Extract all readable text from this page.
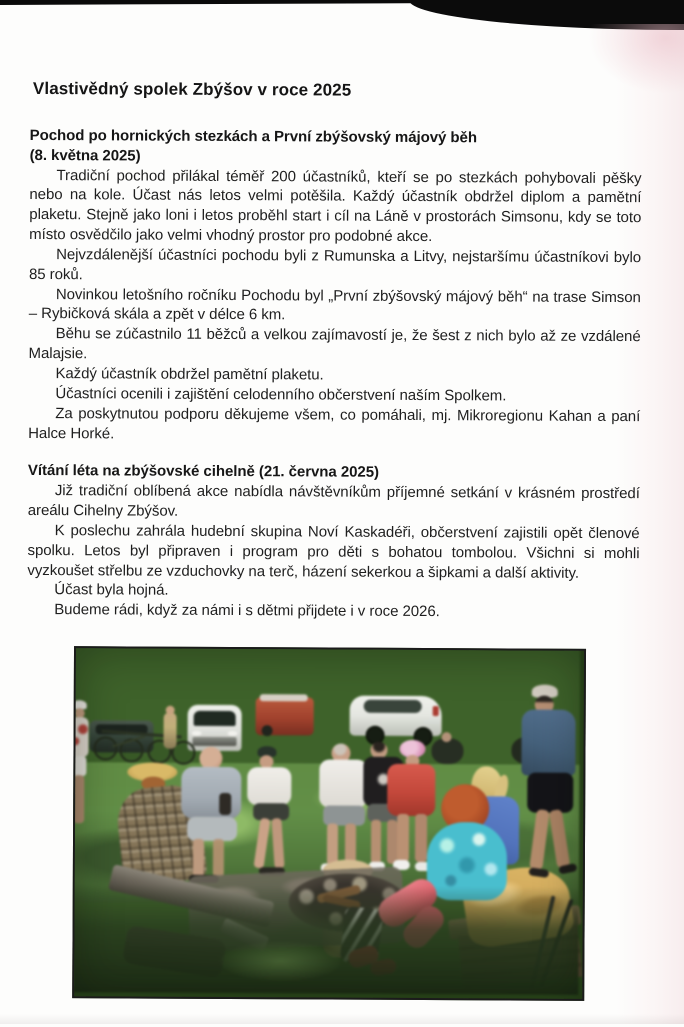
Vlastivědný spolek Zbýšov v roce 2025
Pochod po hornických stezkách a První zbýšovský májový běh
(8. května 2025)

Tradiční pochod přilákal téměř 200 účastníků, kteří se po stezkách pohybovali pěšky nebo na kole. Účast nás letos velmi potěšila. Každý účastník obdržel diplom a pamětní plaketu. Stejně jako loni i letos proběhl start i cíl na Láně v prostorách Simsonu, kdy se toto místo osvědčilo jako velmi vhodný prostor pro podobné akce.

Nejvzdálenější účastníci pochodu byli z Rumunska a Litvy, nejstaršímu účastníkovi bylo 85 roků.

Novinkou letošního ročníku Pochodu byl „První zbýšovský májový běh“ na trase Simson – Rybičková skála a zpět v délce 6 km.

Běhu se zúčastnilo 11 běžců a velkou zajímavostí je, že šest z nich bylo až ze vzdálené Malajsie.

Každý účastník obdržel pamětní plaketu.

Účastníci ocenili i zajištění celodenního občerstvení naším Spolkem.

Za poskytnutou podporu děkujeme všem, co pomáhali, mj. Mikroregionu Kahan a paní Halce Horké.

Vítání léta na zbýšovské cihelně (21. června 2025)

Již tradiční oblíbená akce nabídla návštěvníkům příjemné setkání v krásném prostředí areálu Cihelny Zbýšov.

K poslechu zahrála hudební skupina Noví Kaskadéři, občerstvení zajistili opět členové spolku. Letos byl připraven i program pro děti s bohatou tombolou. Všichni si mohli vyzkoušet střelbu ze vzduchovky na terč, házení sekerkou a šipkami a další aktivity.

Účast byla hojná.

Budeme rádi, když za námi i s dětmi přijdete i v roce 2026.
